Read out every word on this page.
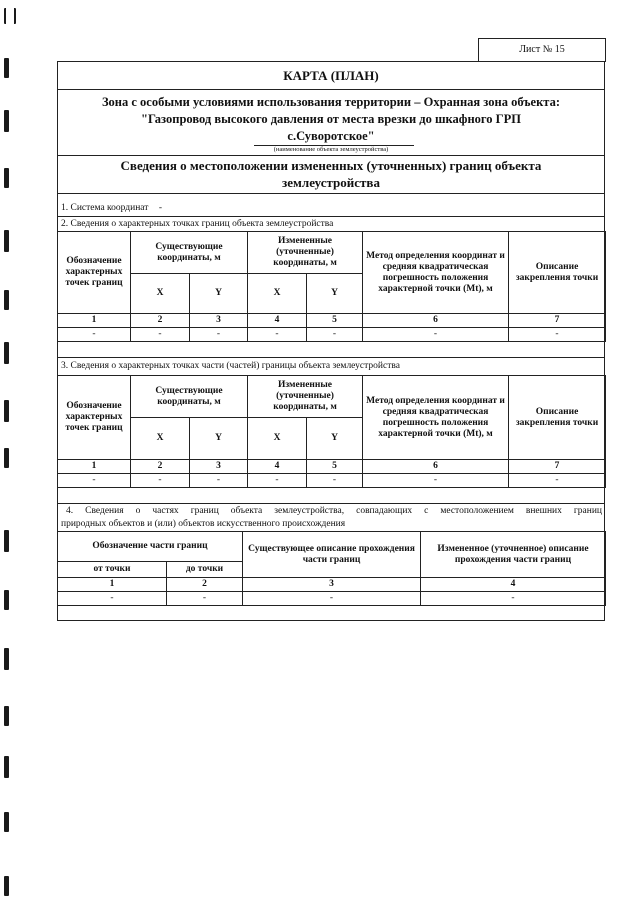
Лист № 15
КАРТА (ПЛАН)
Зона с особыми условиями использования территории – Охранная зона объекта:
"Газопровод высокого давления от места врезки до шкафного ГРП
с.Суворотское"
(наименование объекта землеустройства)
Сведения о местоположении измененных (уточненных) границ объекта
землеустройства
1. Система координат -
2. Сведения о характерных точках границ объекта землеустройства
Обозначение характерных точек границ	Существующие координаты, м		Измененные (уточненные) координаты, м		Метод определения координат и средняя квадратическая погрешность положения характерной точки (Mt), м	Описание закрепления точки
	X	Y	X	Y		
1	2	3	4	5	6	7
-	-	-	-	-	-	-
3. Сведения о характерных точках части (частей) границы объекта землеустройства
Обозначение характерных точек границ	Существующие координаты, м		Измененные (уточненные) координаты, м		Метод определения координат и средняя квадратическая погрешность положения характерной точки (Mt), м	Описание закрепления точки
	X	Y	X	Y		
1	2	3	4	5	6	7
-	-	-	-	-	-	-
4. Сведения о частях границ объекта землеустройства, совпадающих с местоположением внешних границ
природных объектов и (или) объектов искусственного происхождения
Обозначение части границ		Существующее описание прохождения части границ	Измененное (уточненное) описание прохождения части границ
от точки	до точки		
1	2	3	4
-	-	-	-
